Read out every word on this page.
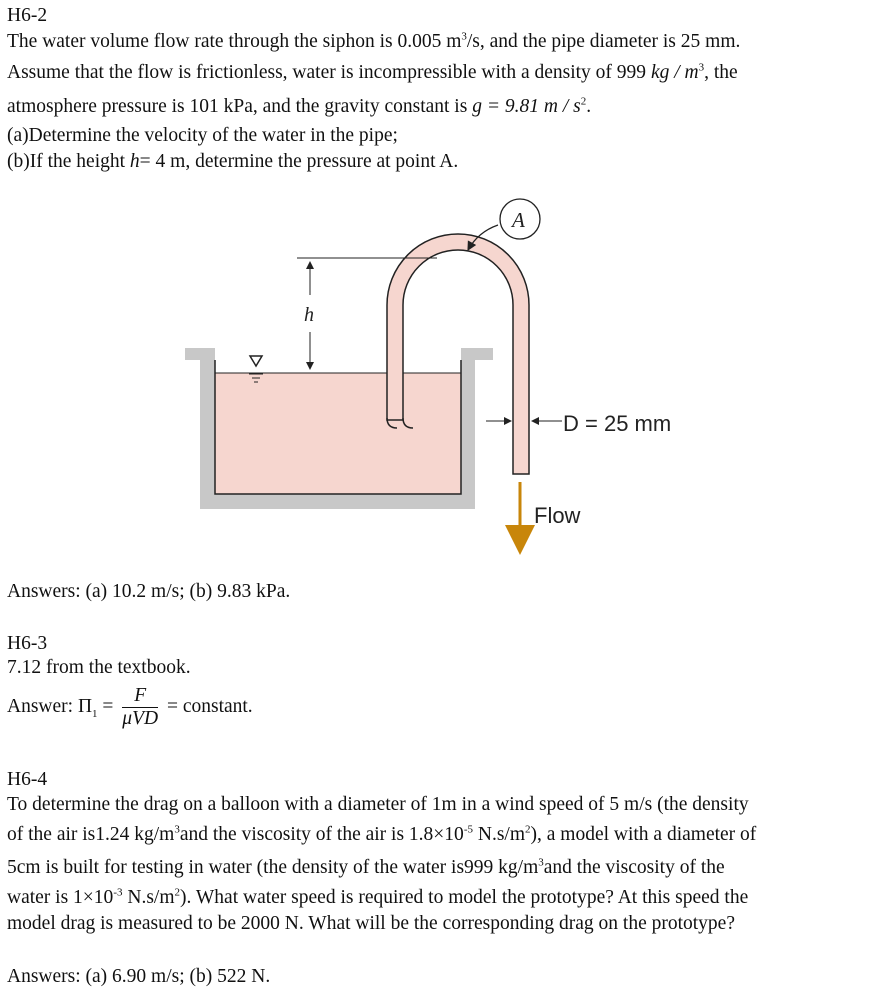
H6-2
The water volume flow rate through the siphon is 0.005 $m^3/s$, and the pipe diameter is 25 mm.
Assume that the flow is frictionless, water is incompressible with a density of 999 kg / $m^3$, the
atmosphere pressure is 101 kPa, and the gravity constant is g = 9.81 m / $s^2$.
(a)Determine the velocity of the water in the pipe;
(b)If the height h= 4 m, determine the pressure at point A.
h
A
D = 25 mm
Flow
Answers: (a) 10.2 m/s; (b) 9.83 kPa.
H6-3
7.12 from the textbook.
Answer: $\Pi_1 = \frac{F}{\text{μVD}}$ = constant.
H6-4
To determine the drag on a balloon with a diameter of 1m in a wind speed of 5 m/s (the density
of the air is1.24 $kg/m^3and$ the viscosity of the air is $1.8\times 10^{-5}$ $N.s/m^2$), a model with a diameter of
5cm is built for testing in water (the density of the water is999 $kg/m^3and$ the viscosity of the
water is $1\times 10^{-3}$ $N.s/m^2$). What water speed is required to model the prototype? At this speed the
model drag is measured to be 2000 N. What will be the corresponding drag on the prototype?
Answers: (a) 6.90 m/s; (b) 522 N.
